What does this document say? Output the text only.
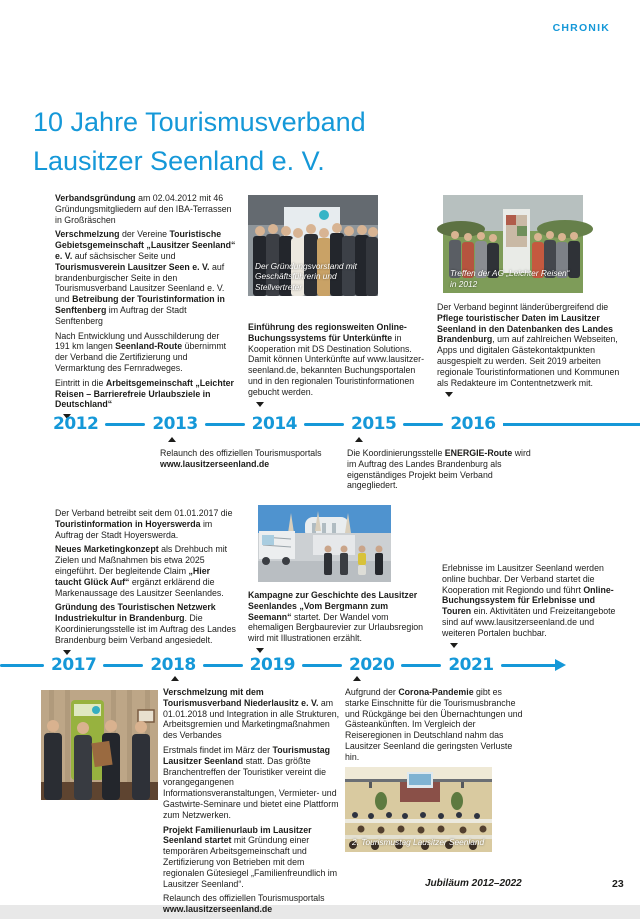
CHRONIK
10 Jahre Tourismusverband
Lausitzer Seenland e. V.

Verbandsgründung am 02.04.2012 mit 46 Gründungsmitgliedern auf den IBA-Terrassen in Großräschen

Verschmelzung der Vereine Touristische Gebietsgemeinschaft „Lausitzer Seenland“ e. V. auf sächsischer Seite und Tourismusverein Lausitzer Seen e. V. auf brandenburgischer Seite in den Tourismusverband Lausitzer Seenland e. V. und Betreibung der Touristinformation in Senftenberg im Auftrag der Stadt Senftenberg

Nach Entwicklung und Ausschilderung der 191 km langen Seenland-Route übernimmt der Verband die Zertifizierung und Vermarktung des Fernradweges.

Eintritt in die Arbeitsgemeinschaft „Leichter Reisen – Barrierefreie Urlaubsziele in Deutschland“

Der Gründungsvorstand mit Geschäftsführerin und Stellvertreter

Einführung des regionsweiten Online-Buchungssystems für Unterkünfte in Kooperation mit DS Destination Solutions. Damit können Unterkünfte auf www.lausitzerseenland.de, bekannten Buchungsportalen und in den regionalen Touristinformationen gebucht werden.

Treffen der AG „Leichter Reisen“ in 2012

Der Verband beginnt länderübergreifend die Pflege touristischer Daten im Lausitzer Seenland in den Datenbanken des Landes Brandenburg, um auf zahlreichen Webseiten, Apps und digitalen Gästekontaktpunkten ausgespielt zu werden. Seit 2019 arbeiten regionale Touristinformationen und Kommunen als Redakteure im Contentnetzwerk mit.

2012	2013	2014	2015	2016

Relaunch des offiziellen Tourismusportals www.lausitzerseenland.de

Die Koordinierungsstelle ENERGIE-Route wird im Auftrag des Landes Brandenburg als eigenständiges Projekt beim Verband angegliedert.

Der Verband betreibt seit dem 01.01.2017 die Touristinformation in Hoyerswerda im Auftrag der Stadt Hoyerswerda.

Neues Marketingkonzept als Drehbuch mit Zielen und Maßnahmen bis etwa 2025 eingeführt. Der begleitende Claim „Hier taucht Glück Auf“ ergänzt erklärend die Markenaussage des Lausitzer Seenlandes.

Gründung des Touristischen Netzwerk Industriekultur in Brandenburg. Die Koordinierungsstelle ist im Auftrag des Landes Brandenburg beim Verband angesiedelt.

Kampagne zur Geschichte des Lausitzer Seenlandes „Vom Bergmann zum Seemann“ startet. Der Wandel vom ehemaligen Bergbaurevier zur Urlaubsregion wird mit Illustrationen erzählt.

Erlebnisse im Lausitzer Seenland werden online buchbar. Der Verband startet die Kooperation mit Regiondo und führt Online-Buchungssystem für Erlebnisse und Touren ein. Aktivitäten und Freizeitangebote sind auf www.lausitzerseenland.de und weiteren Portalen buchbar.

2017	2018	2019	2020	2021

Verschmelzung mit dem Tourismusverband Niederlausitz e. V. am 01.01.2018 und Integration in alle Strukturen, Arbeitsgremien und Marketingmaßnahmen des Verbandes

Erstmals findet im März der Tourismustag Lausitzer Seenland statt. Das größte Branchentreffen der Touristiker vereint die vorangegangenen Informationsveranstaltungen, Vermieter- und Gastwirte-Seminare und bietet eine Plattform zum Netzwerken.

Projekt Familienurlaub im Lausitzer Seenland startet mit Gründung einer temporären Arbeitsgemeinschaft und Zertifizierung von Betrieben mit dem regionalen Gütesiegel „Familienfreundlich im Lausitzer Seenland“.

Relaunch des offiziellen Tourismusportals www.lausitzerseenland.de

Aufgrund der Corona-Pandemie gibt es starke Einschnitte für die Tourismusbranche und Rückgänge bei den Übernachtungen und Gästeankünften. Im Vergleich der Reiseregionen in Deutschland nahm das Lausitzer Seenland die geringsten Verluste hin.

2. Tourismustag Lausitzer Seenland
Jubiläum 2012–2022	23
